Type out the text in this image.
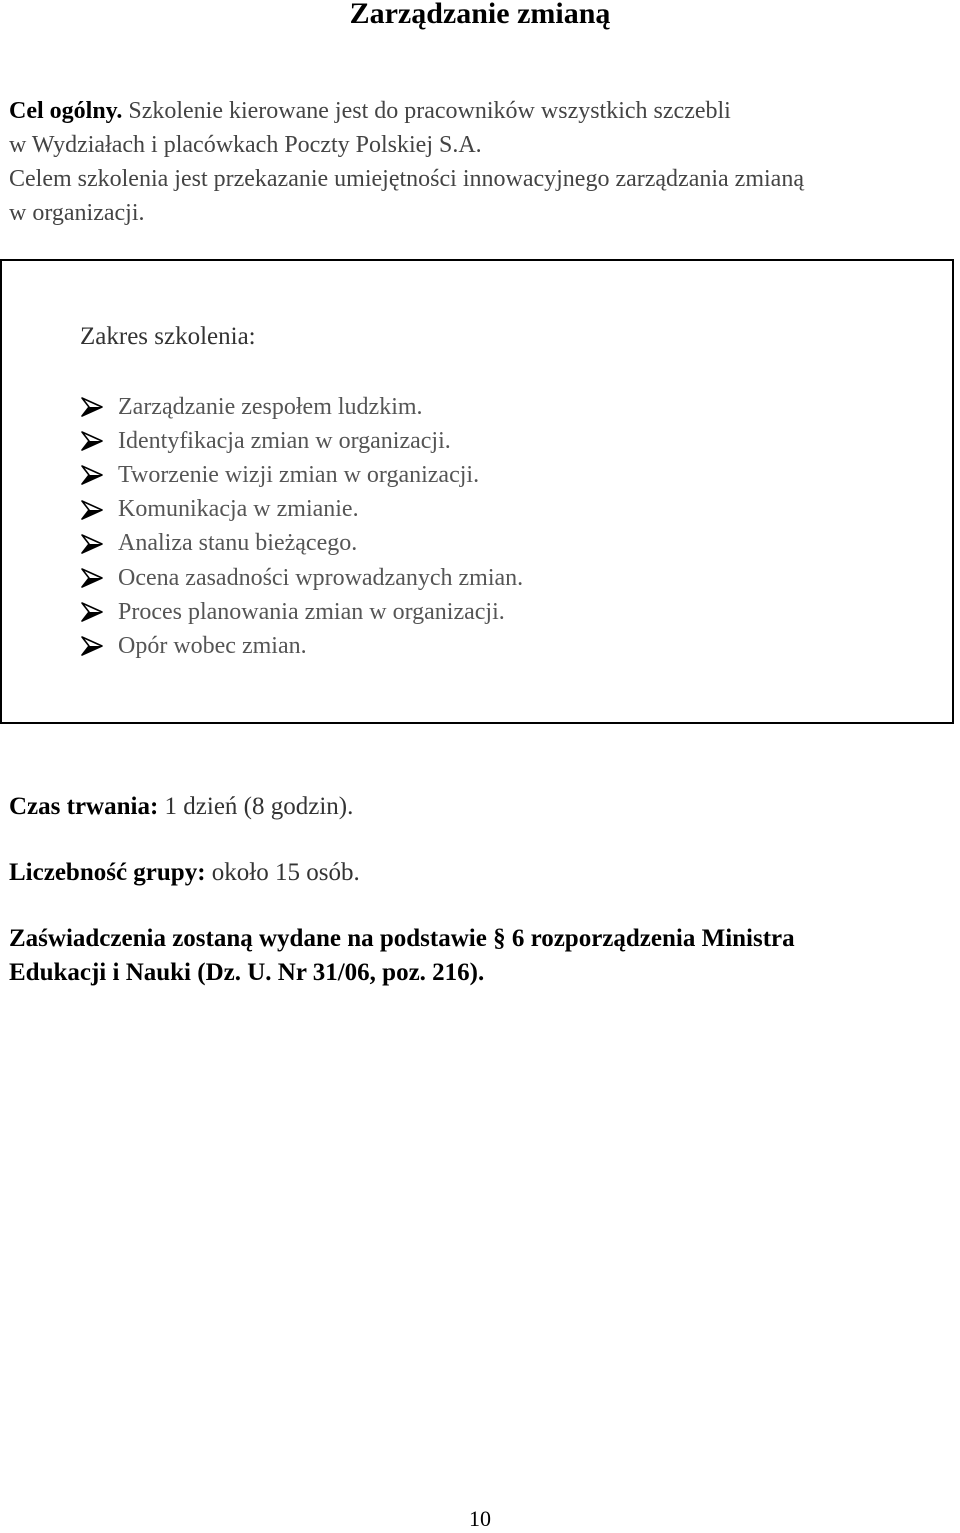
Zarządzanie zmianą
Cel ogólny. Szkolenie kierowane jest do pracowników wszystkich szczebli
w Wydziałach i placówkach Poczty Polskiej S.A.
Celem szkolenia jest przekazanie umiejętności innowacyjnego zarządzania zmianą
w organizacji.
Zakres szkolenia:
Zarządzanie zespołem ludzkim.
Identyfikacja zmian w organizacji.
Tworzenie wizji zmian w organizacji.
Komunikacja w zmianie.
Analiza stanu bieżącego.
Ocena zasadności wprowadzanych zmian.
Proces planowania zmian w organizacji.
Opór wobec zmian.
Czas trwania: 1 dzień (8 godzin).
Liczebność grupy: około 15 osób.
Zaświadczenia zostaną wydane na podstawie § 6 rozporządzenia Ministra
Edukacji i Nauki (Dz. U. Nr 31/06, poz. 216).
10
